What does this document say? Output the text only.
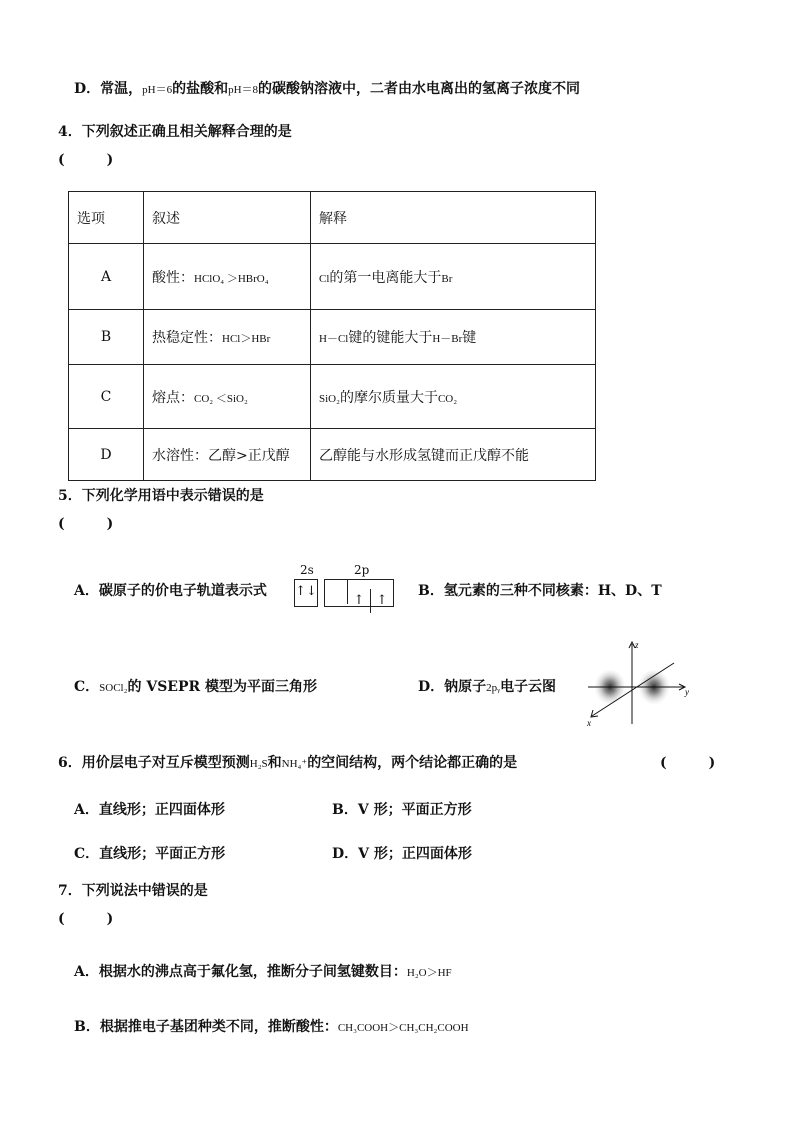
D．常温，pH＝6的盐酸和pH＝8的碳酸钠溶液中，二者由水电离出的氢离子浓度不同
4．下列叙述正确且相关解释合理的是
(　　　)
选项	叙述	解释
A	酸性：HClO₄ ＞HBrO₄	Cl的第一电离能大于Br
B	热稳定性：HCl＞HBr	H－Cl键的键能大于H－Br键
C	熔点：CO₂ ＜SiO₂	SiO₂的摩尔质量大于CO₂
D	水溶性：乙醇>正戊醇	乙醇能与水形成氢键而正戊醇不能
5．下列化学用语中表示错误的是
(　　　)
A．碳原子的价电子轨道表示式
2s	2p
↑↓
↑ ↑
B．氢元素的三种不同核素：H、D、T
C．SOCl₂的 VSEPR 模型为平面三角形	D．钠原子2pᵧ电子云图
z
y
x
6．用价层电子对互斥模型预测H₂S和NH₄⁺的空间结构，两个结论都正确的是	(　　　)
A．直线形；正四面体形	B．V 形；平面正方形
C．直线形；平面正方形	D．V 形；正四面体形
7．下列说法中错误的是
(　　　)
A．根据水的沸点高于氟化氢，推断分子间氢键数目：H₂O＞HF
B．根据推电子基团种类不同，推断酸性：CH₃COOH＞CH₃CH₂COOH
